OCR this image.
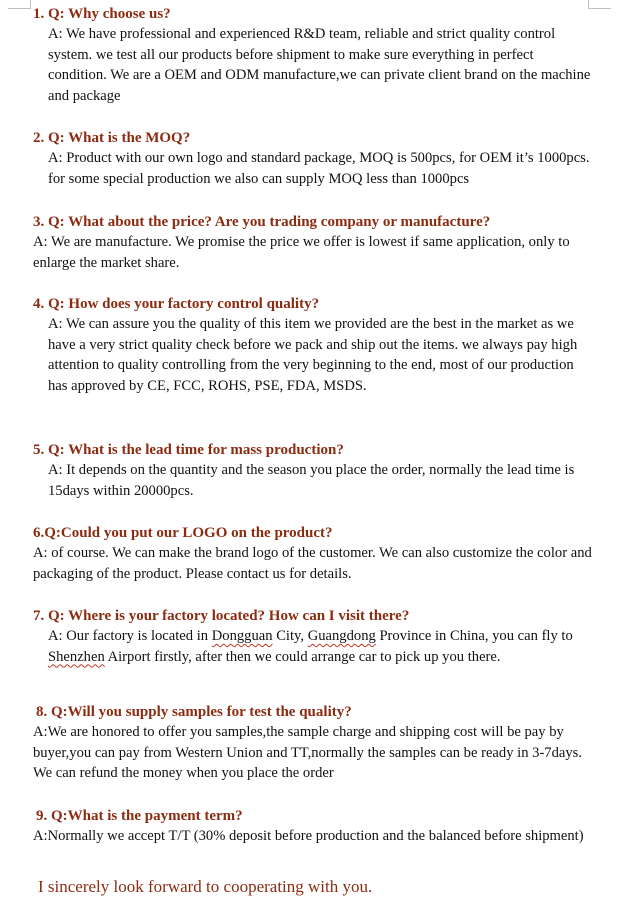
1. Q: Why choose us?
A: We have professional and experienced R&D team, reliable and strict quality control system. we test all our products before shipment to make sure everything in perfect condition. We are a OEM and ODM manufacture,we can private client brand on the machine and package
2. Q: What is the MOQ?
A: Product with our own logo and standard package, MOQ is 500pcs, for OEM it’s 1000pcs. for some special production we also can supply MOQ less than 1000pcs
3. Q: What about the price? Are you trading company or manufacture?
A: We are manufacture. We promise the price we offer is lowest if same application, only to enlarge the market share.
4. Q: How does your factory control quality?
A: We can assure you the quality of this item we provided are the best in the market as we have a very strict quality check before we pack and ship out the items. we always pay high attention to quality controlling from the very beginning to the end, most of our production has approved by CE, FCC, ROHS, PSE, FDA, MSDS.
5. Q: What is the lead time for mass production?
A: It depends on the quantity and the season you place the order, normally the lead time is 15days within 20000pcs.
6.Q:Could you put our LOGO on the product?
A: of course. We can make the brand logo of the customer. We can also customize the color and packaging of the product. Please contact us for details.
7. Q: Where is your factory located? How can I visit there?
A: Our factory is located in Dongguan City, Guangdong Province in China, you can fly to Shenzhen Airport firstly, after then we could arrange car to pick up you there.
8. Q:Will you supply samples for test the quality?
A:We are honored to offer you samples,the sample charge and shipping cost will be pay by buyer,you can pay from Western Union and TT,normally the samples can be ready in 3-7days. We can refund the money when you place the order
9. Q:What is the payment term?
A:Normally we accept T/T (30% deposit before production and the balanced before shipment)
I sincerely look forward to cooperating with you.
